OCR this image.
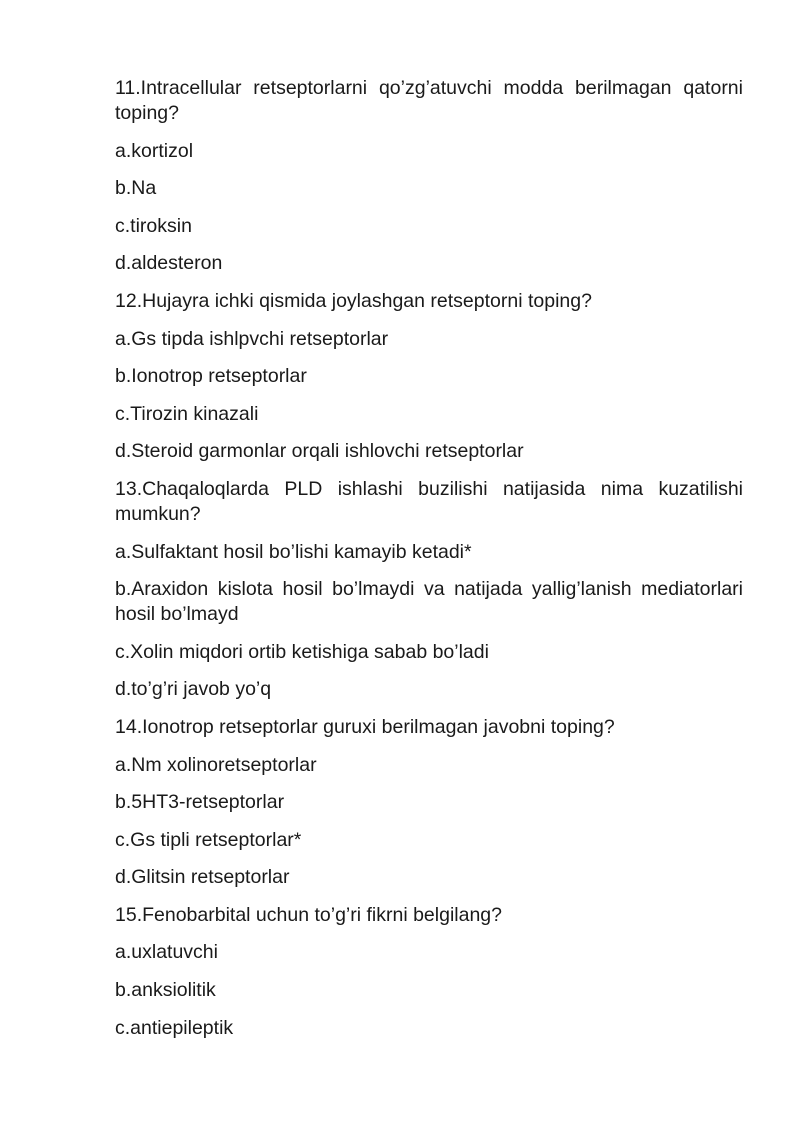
11.Intracellular retseptorlarni qo’zg’atuvchi modda berilmagan qatorni toping?
a.kortizol
b.Na
c.tiroksin
d.aldesteron
12.Hujayra ichki qismida joylashgan retseptorni toping?
a.Gs tipda ishlpvchi retseptorlar
b.Ionotrop retseptorlar
c.Tirozin kinazali
d.Steroid garmonlar orqali ishlovchi retseptorlar
13.Chaqaloqlarda PLD ishlashi buzilishi natijasida nima kuzatilishi mumkun?
a.Sulfaktant hosil bo’lishi kamayib ketadi*
b.Araxidon kislota hosil bo’lmaydi va natijada yallig’lanish mediatorlari hosil bo’lmayd
c.Xolin miqdori ortib ketishiga sabab bo’ladi
d.to’g’ri javob yo’q
14.Ionotrop retseptorlar guruxi berilmagan javobni toping?
a.Nm xolinoretseptorlar
b.5HT3-retseptorlar
c.Gs tipli retseptorlar*
d.Glitsin retseptorlar
15.Fenobarbital uchun to’g’ri fikrni belgilang?
a.uxlatuvchi
b.anksiolitik
c.antiepileptik
